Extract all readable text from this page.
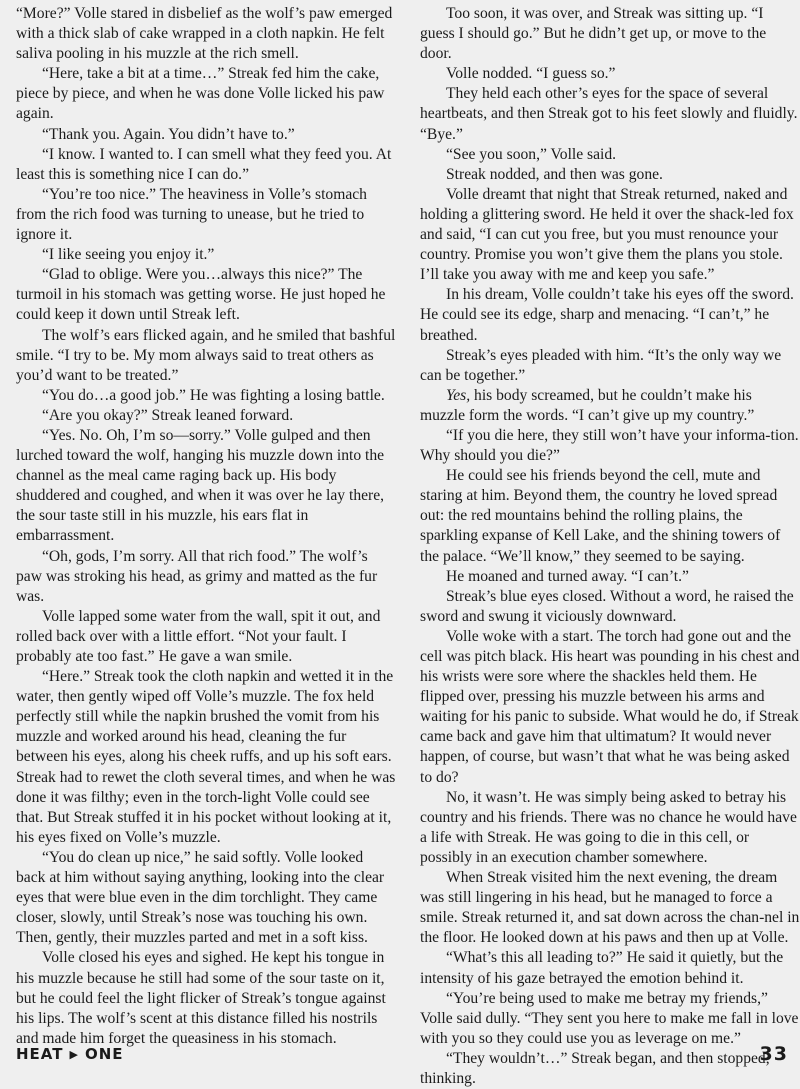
“More?” Volle stared in disbelief as the wolf’s paw emerged with a thick slab of cake wrapped in a cloth napkin. He felt saliva pooling in his muzzle at the rich smell.

“Here, take a bit at a time…” Streak fed him the cake, piece by piece, and when he was done Volle licked his paw again.

“Thank you. Again. You didn’t have to.”

“I know. I wanted to. I can smell what they feed you. At least this is something nice I can do.”

“You’re too nice.” The heaviness in Volle’s stomach from the rich food was turning to unease, but he tried to ignore it.

“I like seeing you enjoy it.”

“Glad to oblige. Were you…always this nice?” The turmoil in his stomach was getting worse. He just hoped he could keep it down until Streak left.

The wolf’s ears flicked again, and he smiled that bashful smile. “I try to be. My mom always said to treat others as you’d want to be treated.”

“You do…a good job.” He was fighting a losing battle.

“Are you okay?” Streak leaned forward.

“Yes. No. Oh, I’m so—sorry.” Volle gulped and then lurched toward the wolf, hanging his muzzle down into the channel as the meal came raging back up. His body shuddered and coughed, and when it was over he lay there, the sour taste still in his muzzle, his ears flat in embarrassment.

“Oh, gods, I’m sorry. All that rich food.” The wolf’s paw was stroking his head, as grimy and matted as the fur was.

Volle lapped some water from the wall, spit it out, and rolled back over with a little effort. “Not your fault. I probably ate too fast.” He gave a wan smile.

“Here.” Streak took the cloth napkin and wetted it in the water, then gently wiped off Volle’s muzzle. The fox held perfectly still while the napkin brushed the vomit from his muzzle and worked around his head, cleaning the fur between his eyes, along his cheek ruffs, and up his soft ears. Streak had to rewet the cloth several times, and when he was done it was filthy; even in the torch-light Volle could see that. But Streak stuffed it in his pocket without looking at it, his eyes fixed on Volle’s muzzle.

“You do clean up nice,” he said softly. Volle looked back at him without saying anything, looking into the clear eyes that were blue even in the dim torchlight. They came closer, slowly, until Streak’s nose was touching his own. Then, gently, their muzzles parted and met in a soft kiss.

Volle closed his eyes and sighed. He kept his tongue in his muzzle because he still had some of the sour taste on it, but he could feel the light flicker of Streak’s tongue against his lips. The wolf’s scent at this distance filled his nostrils and made him forget the queasiness in his stomach.

Too soon, it was over, and Streak was sitting up. “I guess I should go.” But he didn’t get up, or move to the door.

Volle nodded. “I guess so.”

They held each other’s eyes for the space of several heartbeats, and then Streak got to his feet slowly and fluidly. “Bye.”

“See you soon,” Volle said.

Streak nodded, and then was gone.

Volle dreamt that night that Streak returned, naked and holding a glittering sword. He held it over the shack-led fox and said, “I can cut you free, but you must renounce your country. Promise you won’t give them the plans you stole. I’ll take you away with me and keep you safe.”

In his dream, Volle couldn’t take his eyes off the sword. He could see its edge, sharp and menacing. “I can’t,” he breathed.

Streak’s eyes pleaded with him. “It’s the only way we can be together.”

Yes, his body screamed, but he couldn’t make his muzzle form the words. “I can’t give up my country.”

“If you die here, they still won’t have your informa-tion. Why should you die?”

He could see his friends beyond the cell, mute and staring at him. Beyond them, the country he loved spread out: the red mountains behind the rolling plains, the sparkling expanse of Kell Lake, and the shining towers of the palace. “We’ll know,” they seemed to be saying.

He moaned and turned away. “I can’t.”

Streak’s blue eyes closed. Without a word, he raised the sword and swung it viciously downward.

Volle woke with a start. The torch had gone out and the cell was pitch black. His heart was pounding in his chest and his wrists were sore where the shackles held them. He flipped over, pressing his muzzle between his arms and waiting for his panic to subside. What would he do, if Streak came back and gave him that ultimatum? It would never happen, of course, but wasn’t that what he was being asked to do?

No, it wasn’t. He was simply being asked to betray his country and his friends. There was no chance he would have a life with Streak. He was going to die in this cell, or possibly in an execution chamber somewhere.

When Streak visited him the next evening, the dream was still lingering in his head, but he managed to force a smile. Streak returned it, and sat down across the chan-nel in the floor. He looked down at his paws and then up at Volle.

“What’s this all leading to?” He said it quietly, but the intensity of his gaze betrayed the emotion behind it.

“You’re being used to make me betray my friends,” Volle said dully. “They sent you here to make me fall in love with you so they could use you as leverage on me.”

“They wouldn’t…” Streak began, and then stopped, thinking.

HEAT ▶ ONE	33
